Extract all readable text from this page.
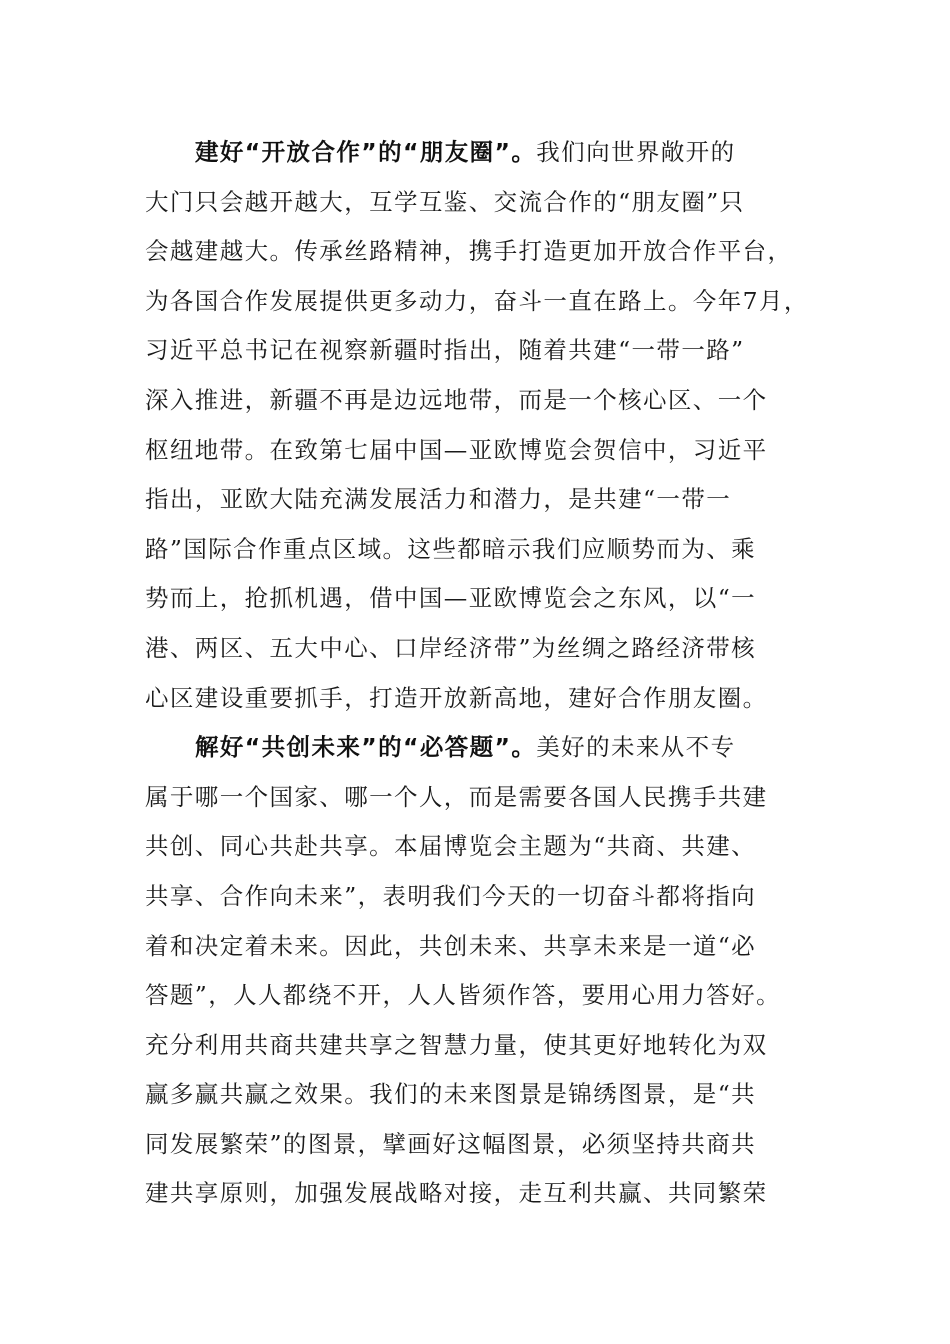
建好“开放合作”的“朋友圈”。我们向世界敞开的
大门只会越开越大，互学互鉴、交流合作的“朋友圈”只
会越建越大。传承丝路精神，携手打造更加开放合作平台，
为各国合作发展提供更多动力，奋斗一直在路上。今年7月，
习近平总书记在视察新疆时指出，随着共建“一带一路”
深入推进，新疆不再是边远地带，而是一个核心区、一个
枢纽地带。在致第七届中国—亚欧博览会贺信中，习近平
指出，亚欧大陆充满发展活力和潜力，是共建“一带一
路”国际合作重点区域。这些都暗示我们应顺势而为、乘
势而上，抢抓机遇，借中国—亚欧博览会之东风，以“一
港、两区、五大中心、口岸经济带”为丝绸之路经济带核
心区建设重要抓手，打造开放新高地，建好合作朋友圈。
解好“共创未来”的“必答题”。美好的未来从不专
属于哪一个国家、哪一个人，而是需要各国人民携手共建
共创、同心共赴共享。本届博览会主题为“共商、共建、
共享、合作向未来”，表明我们今天的一切奋斗都将指向
着和决定着未来。因此，共创未来、共享未来是一道“必
答题”，人人都绕不开，人人皆须作答，要用心用力答好。
充分利用共商共建共享之智慧力量，使其更好地转化为双
赢多赢共赢之效果。我们的未来图景是锦绣图景，是“共
同发展繁荣”的图景，擘画好这幅图景，必须坚持共商共
建共享原则，加强发展战略对接，走互利共赢、共同繁荣
